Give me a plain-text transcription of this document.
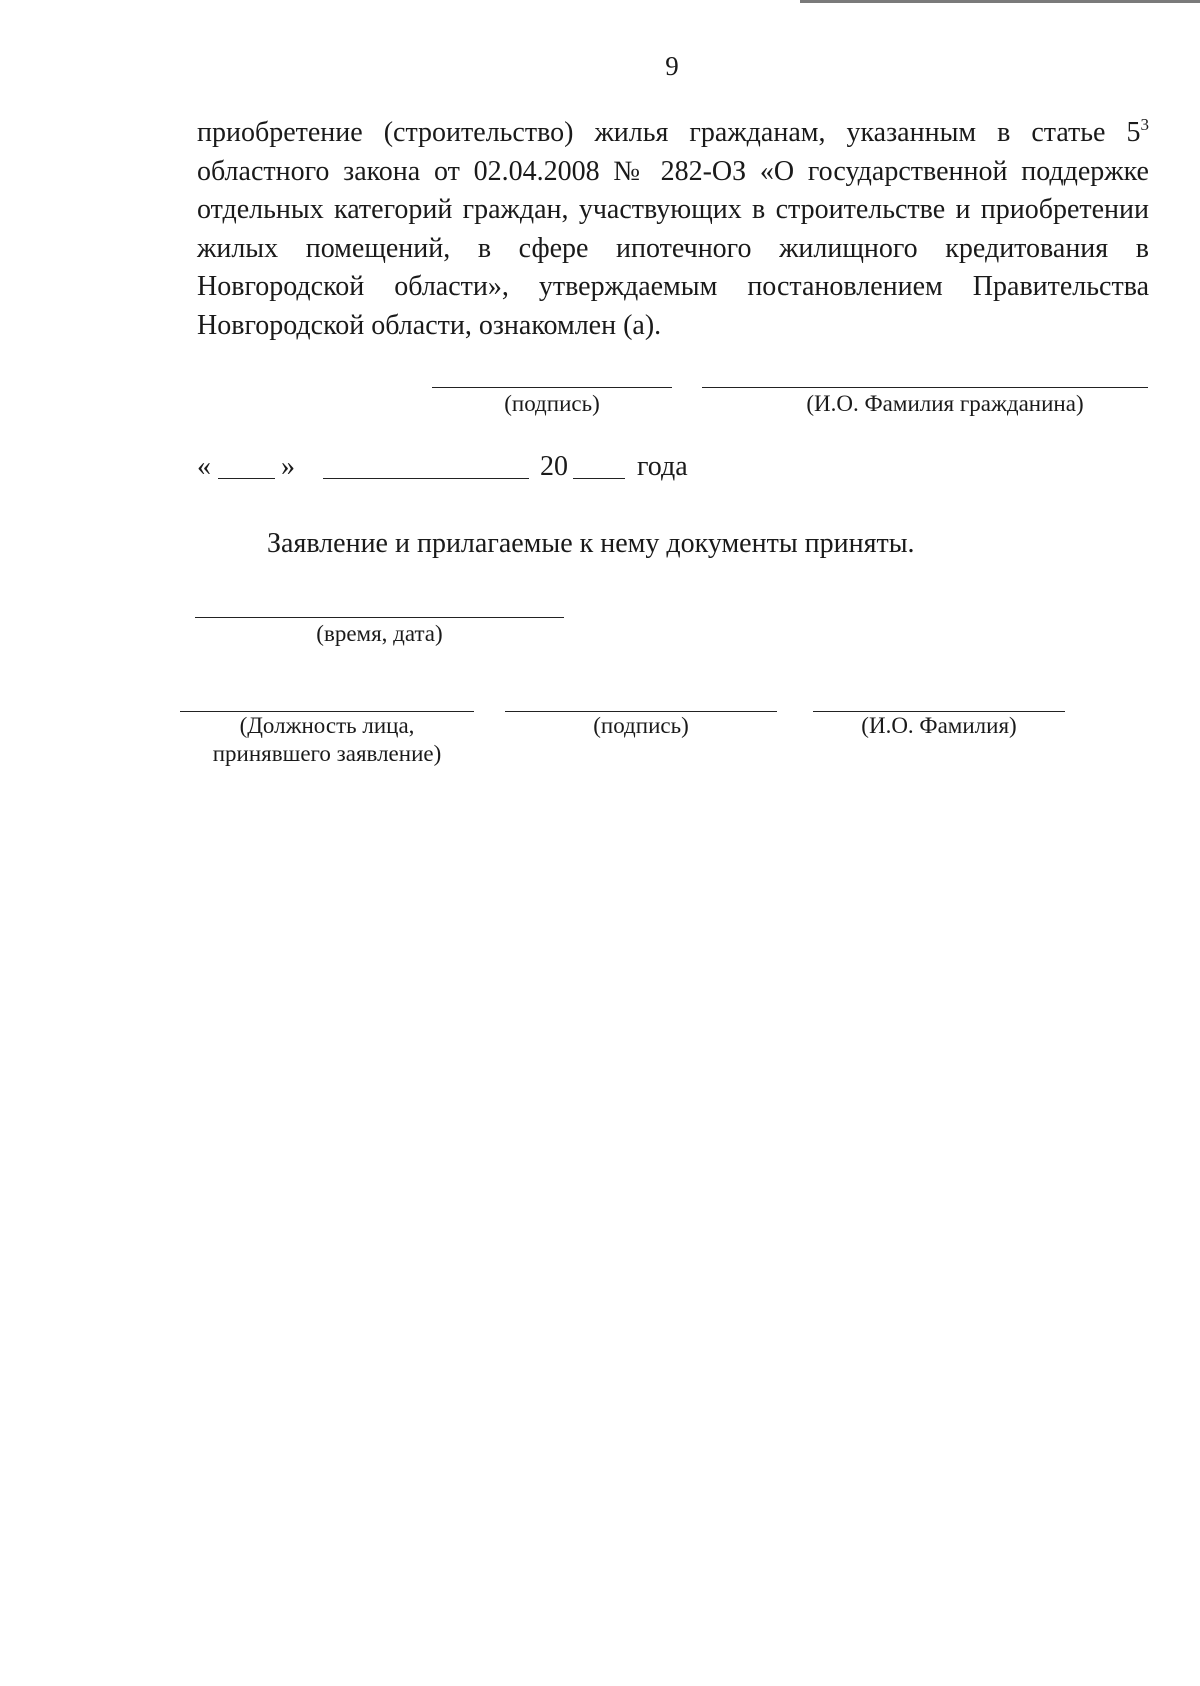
9

приобретение (строительство) жилья гражданам, указанным в статье $5^3$ областного закона от 02.04.2008 № 282-ОЗ «О государственной поддержке отдельных категорий граждан, участвующих в строительстве и приобретении жилых помещений, в сфере ипотечного жилищного кредитования в Новгородской области», утверждаемым постановлением Правительства Новгородской области, ознакомлен (а).

(подпись)	(И.О. Фамилия гражданина)
«	»	20 года
Заявление и прилагаемые к нему документы приняты.
(время, дата)
(Должность лица,
принявшего заявление)
(подпись)	(И.О. Фамилия)
